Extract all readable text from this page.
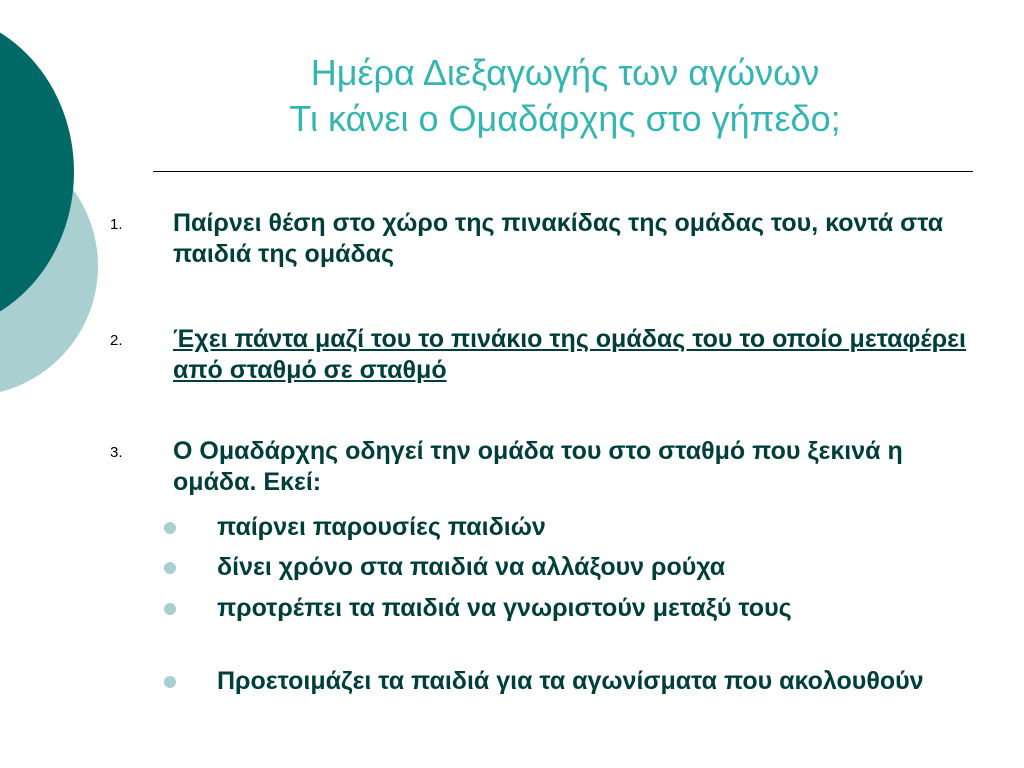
Ημέρα Διεξαγωγής των αγώνων
Τι κάνει ο Ομαδάρχης στο γήπεδο;
1.	Παίρνει θέση στο χώρο της πινακίδας της ομάδας του, κοντά στα παιδιά της ομάδας
2.	Έχει πάντα μαζί του το πινάκιο της ομάδας του το οποίο μεταφέρει από σταθμό σε σταθμό
3.	Ο Ομαδάρχης οδηγεί την ομάδα του στο σταθμό που ξεκινά η ομάδα. Εκεί:
παίρνει παρουσίες παιδιών
δίνει χρόνο στα παιδιά να αλλάξουν ρούχα
προτρέπει τα παιδιά να γνωριστούν μεταξύ τους
Προετοιμάζει τα παιδιά για τα αγωνίσματα που ακολουθούν
